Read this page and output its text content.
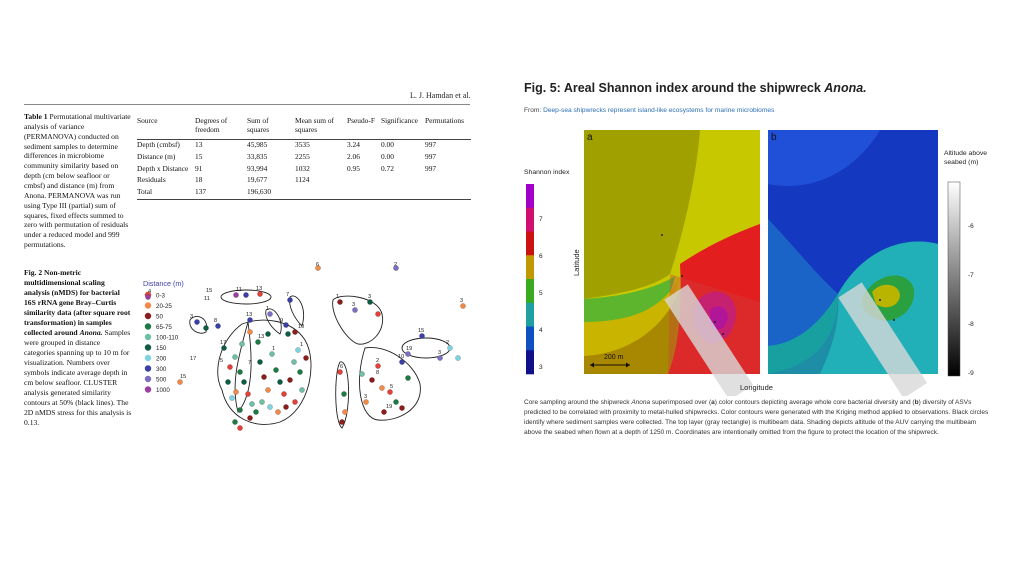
L. J. Hamdan et al.
Table 1 Permutational multivariate analysis of variance (PERMANOVA) conducted on sediment samples to determine differences in microbiome community similarity based on depth (cm below seafloor or cmbsf) and distance (m) from Anona. PERMANOVA was run using Type III (partial) sum of squares, fixed effects summed to zero with permutation of residuals under a reduced model and 999 permutations.
Source	Degrees of freedom	Sum of squares	Mean sum of squares	Pseudo-F	Significance	Permutations
Depth (cmbsf)	13	45,985	3535	3.24	0.00	997
Distance (m)	15	33,835	2255	2.06	0.00	997
Depth x Distance	91	93,994	1032	0.95	0.72	997
Residuals	18	19,677	1124			
Total	137	196,630				
Fig. 2 Non-metric multidimensional scaling analysis (nMDS) for bacterial 16S rRNA gene Bray–Curtis similarity data (after square root transformation) in samples collected around Anona. Samples were grouped in distance categories spanning up to 10 m for visualization. Numbers over symbols indicate average depth in cm below seafloor. CLUSTER analysis generated similarity contours at 50% (black lines). The 2D nMDS stress for this analysis is 0.13.
Distance (m)
0-3
20-25
50
65-75
100-110
150
200
300
500
1000
15	11	13
7
6	2
3
11
3
8
17
13
1
9
10
5	7
15
17
1
3
3
15
3
4
1
1
6
8
5
10
2
19
3
19
13
2
Fig. 5: Areal Shannon index around the shipwreck Anona.
From: Deep-sea shipwrecks represent island-like ecosystems for marine microbiomes
Shannon index
7
6
5
4
3
Latitude
a
200 m
b
Altitude above seabed (m)
-6
-7
-8
-9
Longitude
Core sampling around the shipwreck Anona superimposed over (a) color contours depicting average whole core bacterial diversity and (b) diversity of ASVs predicted to be correlated with proximity to metal-hulled shipwrecks. Color contours were generated with the Kriging method applied to observations. Black circles identify where sediment samples were collected. The top layer (gray rectangle) is multibeam data. Shading depicts altitude of the AUV carrying the multibeam above the seabed when flown at a depth of 1250 m. Coordinates are intentionally omitted from the figure to protect the location of the shipwreck.
